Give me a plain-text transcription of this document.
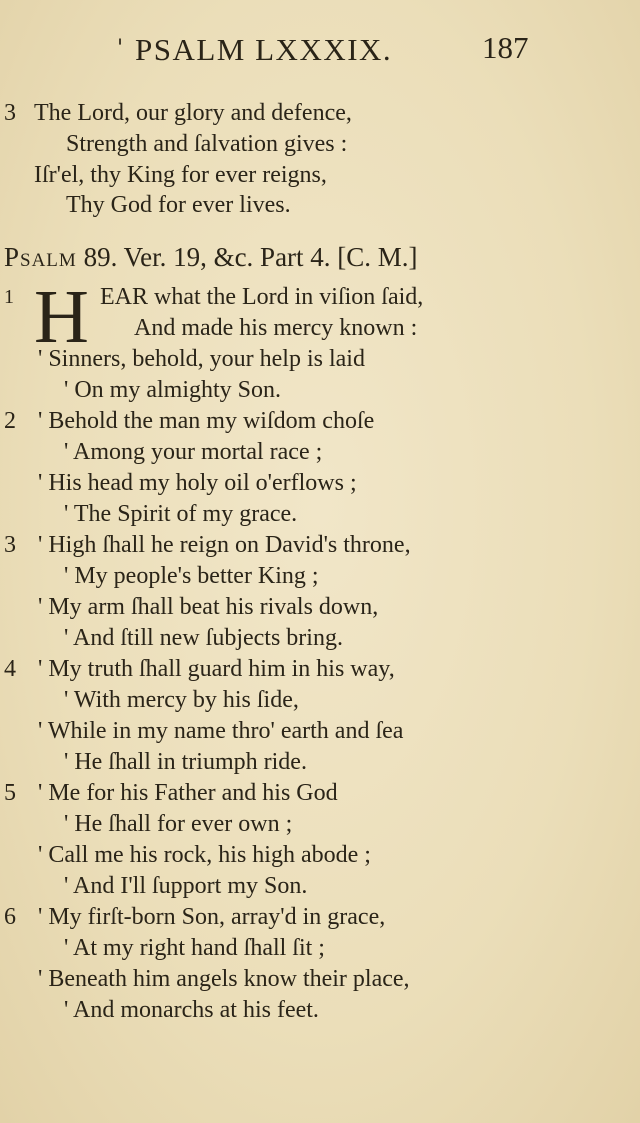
' PSALM LXXXIX.	187
3 The Lord, our glory and defence,
Strength and ſalvation gives :
Iſr'el, thy King for ever reigns,
Thy God for ever lives.
Psalm 89. Ver. 19, &c. Part 4. [C. M.]
1 H EAR what the Lord in viſion ſaid,
And made his mercy known :
' Sinners, behold, your help is laid
' On my almighty Son.
2 ' Behold the man my wiſdom choſe
' Among your mortal race ;
' His head my holy oil o'erflows ;
' The Spirit of my grace.
3 ' High ſhall he reign on David's throne,
' My people's better King ;
' My arm ſhall beat his rivals down,
' And ſtill new ſubjects bring.
4 ' My truth ſhall guard him in his way,
' With mercy by his ſide,
' While in my name thro' earth and ſea
' He ſhall in triumph ride.
5 ' Me for his Father and his God
' He ſhall for ever own ;
' Call me his rock, his high abode ;
' And I'll ſupport my Son.
6 ' My firſt-born Son, array'd in grace,
' At my right hand ſhall ſit ;
' Beneath him angels know their place,
' And monarchs at his feet.
